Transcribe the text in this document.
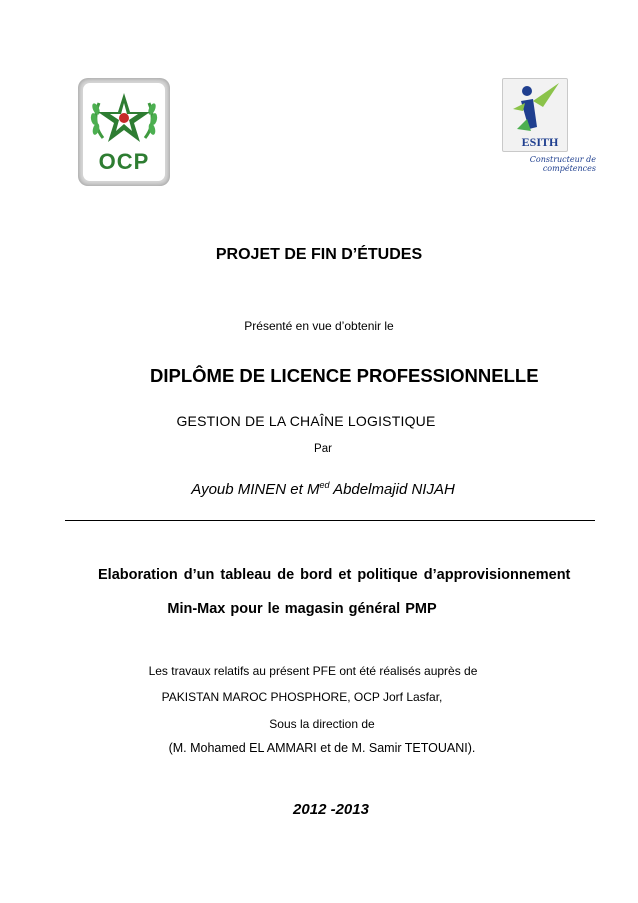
OCP
ESITH
Constructeur de compétences
PROJET DE FIN D’ÉTUDES
Présenté en vue d’obtenir le
DIPLÔME DE LICENCE PROFESSIONNELLE
GESTION DE LA CHAÎNE LOGISTIQUE
Par
Ayoub MINEN et $M^{ed}$ Abdelmajid NIJAH
Elaboration d’un tableau de bord et politique d’approvisionnement
Min-Max pour le magasin général PMP
Les travaux relatifs au présent PFE ont été réalisés auprès de
PAKISTAN MAROC PHOSPHORE, OCP Jorf Lasfar,
Sous la direction de
(M. Mohamed EL AMMARI et de M. Samir TETOUANI).
2012 -2013
